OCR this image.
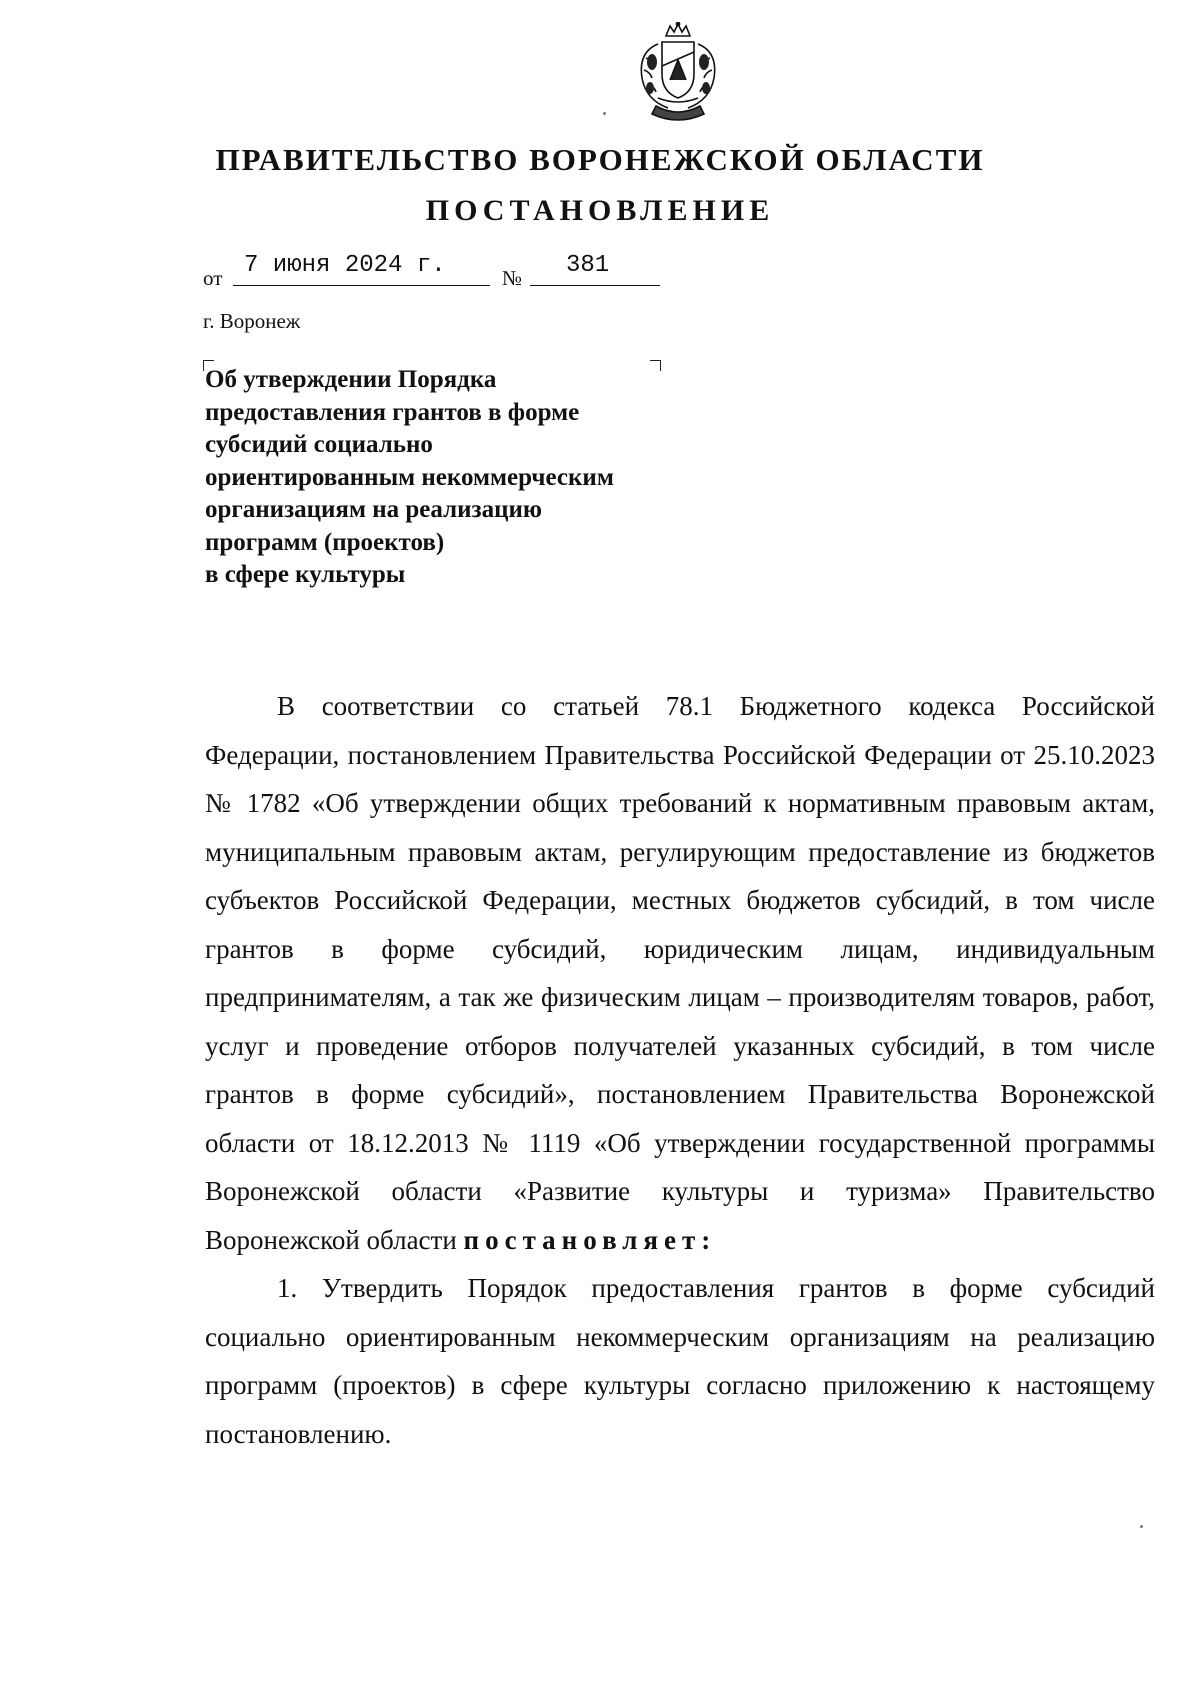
ПРАВИТЕЛЬСТВО ВОРОНЕЖСКОЙ ОБЛАСТИ
ПОСТАНОВЛЕНИЕ
от 7 июня 2024 г.	№ 381
г. Воронеж
Об утверждении Порядка
предоставления грантов в форме
субсидий социально
ориентированным некоммерческим
организациям на реализацию
программ (проектов)
в сфере культуры

В соответствии со статьей 78.1 Бюджетного кодекса Российской Федерации, постановлением Правительства Российской Федерации от 25.10.2023 № 1782 «Об утверждении общих требований к нормативным правовым актам, муниципальным правовым актам, регулирующим предоставление из бюджетов субъектов Российской Федерации, местных бюджетов субсидий, в том числе грантов в форме субсидий, юридическим лицам, индивидуальным предпринимателям, а так же физическим лицам – производителям товаров, работ, услуг и проведение отборов получателей указанных субсидий, в том числе грантов в форме субсидий», постановлением Правительства Воронежской области от 18.12.2013 № 1119 «Об утверждении государственной программы Воронежской области «Развитие культуры и туризма» Правительство Воронежской области постановляет:

1. Утвердить Порядок предоставления грантов в форме субсидий социально ориентированным некоммерческим организациям на реализацию программ (проектов) в сфере культуры согласно приложению к настоящему постановлению.
